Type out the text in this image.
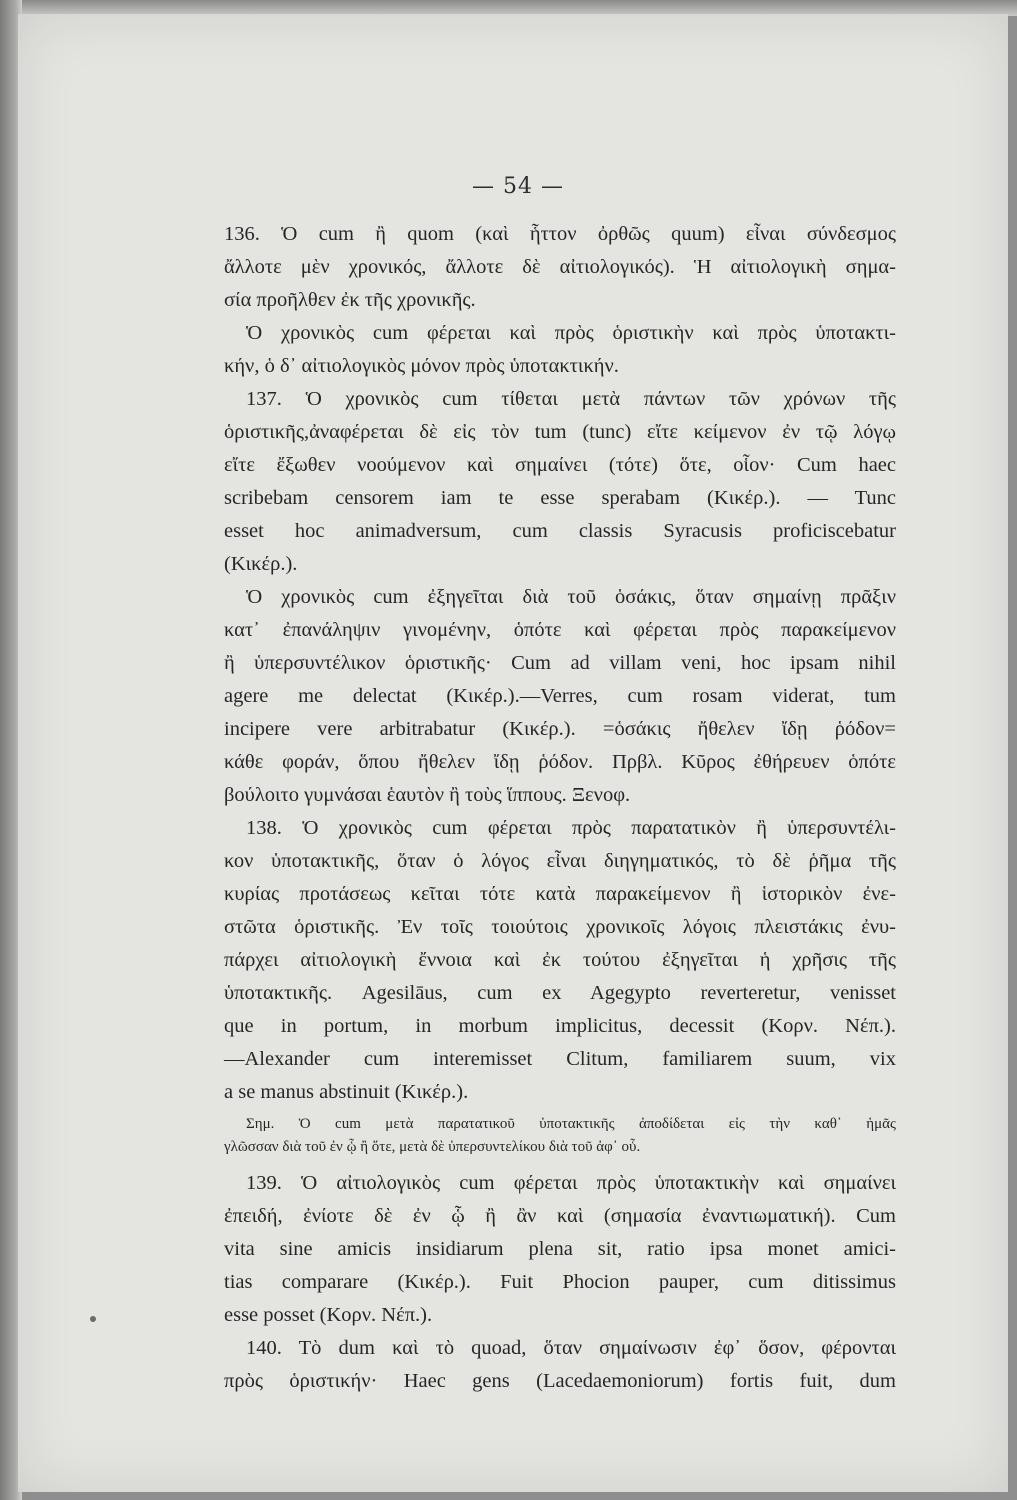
— 54 —
136. Ὁ cum ἢ quom (καὶ ἧττον ὀρθῶς quum) εἶναι σύνδεσμος
ἄλλοτε μὲν χρονικός, ἄλλοτε δὲ αἰτιολογικός). Ἡ αἰτιολογικὴ σημα-
σία προῆλθεν ἐκ τῆς χρονικῆς.
Ὁ χρονικὸς cum φέρεται καὶ πρὸς ὁριστικὴν καὶ πρὸς ὑποτακτι-
κήν, ὁ δ᾽ αἰτιολογικὸς μόνον πρὸς ὑποτακτικήν.
137. Ὁ χρονικὸς cum τίθεται μετὰ πάντων τῶν χρόνων τῆς
ὁριστικῆς,ἀναφέρεται δὲ εἰς τὸν tum (tunc) εἴτε κείμενον ἐν τῷ λόγῳ
εἴτε ἔξωθεν νοούμενον καὶ σημαίνει (τότε) ὅτε, οἷον· Cum haec
scribebam censorem iam te esse sperabam (Κικέρ.). — Tunc
esset hoc animadversum, cum classis Syracusis proficiscebatur
(Κικέρ.).
Ὁ χρονικὸς cum ἐξηγεῖται διὰ τοῦ ὁσάκις, ὅταν σημαίνῃ πρᾶξιν
κατ᾽ ἐπανάληψιν γινομένην, ὁπότε καὶ φέρεται πρὸς παρακείμενον
ἢ ὑπερσυντέλικον ὁριστικῆς· Cum ad villam veni, hoc ipsam nihil
agere me delectat (Κικέρ.).—Verres, cum rosam viderat, tum
incipere vere arbitrabatur (Κικέρ.). =ὁσάκις ἤθελεν ἴδῃ ῥόδον=
κάθε φοράν, ὅπου ἤθελεν ἴδῃ ῥόδον. Πρβλ. Κῦρος ἐθήρευεν ὁπότε
βούλοιτο γυμνάσαι ἑαυτὸν ἢ τοὺς ἵππους. Ξενοφ.
138. Ὁ χρονικὸς cum φέρεται πρὸς παρατατικὸν ἢ ὑπερσυντέλι-
κον ὑποτακτικῆς, ὅταν ὁ λόγος εἶναι διηγηματικός, τὸ δὲ ῥῆμα τῆς
κυρίας προτάσεως κεῖται τότε κατὰ παρακείμενον ἢ ἱστορικὸν ἐνε-
στῶτα ὁριστικῆς. Ἐν τοῖς τοιούτοις χρονικοῖς λόγοις πλειστάκις ἐνυ-
πάρχει αἰτιολογικὴ ἔννοια καὶ ἐκ τούτου ἐξηγεῖται ἡ χρῆσις τῆς
ὑποτακτικῆς. Agesilāus, cum ex Agegypto reverteretur, venisset
que in portum, in morbum implicitus, decessit (Κορν. Νέπ.).
—Alexander cum interemisset Clitum, familiarem suum, vix
a se manus abstinuit (Κικέρ.).
Σημ. Ὁ cum μετὰ παρατατικοῦ ὑποτακτικῆς ἀποδίδεται εἰς τὴν καθ᾽ ἡμᾶς
γλῶσσαν διὰ τοῦ ἐν ᾧ ἢ ὅτε, μετὰ δὲ ὑπερσυντελίκου διὰ τοῦ ἀφ᾽ οὗ.
139. Ὁ αἰτιολογικὸς cum φέρεται πρὸς ὑποτακτικὴν καὶ σημαίνει
ἐπειδή, ἐνίοτε δὲ ἐν ᾧ ἢ ἂν καὶ (σημασία ἐναντιωματική). Cum
vita sine amicis insidiarum plena sit, ratio ipsa monet amici-
tias comparare (Κικέρ.). Fuit Phocion pauper, cum ditissimus
esse posset (Κορν. Νέπ.).
140. Τὸ dum καὶ τὸ quoad, ὅταν σημαίνωσιν ἐφ᾽ ὅσον, φέρονται
πρὸς ὁριστικήν· Haec gens (Lacedaemoniorum) fortis fuit, dum
